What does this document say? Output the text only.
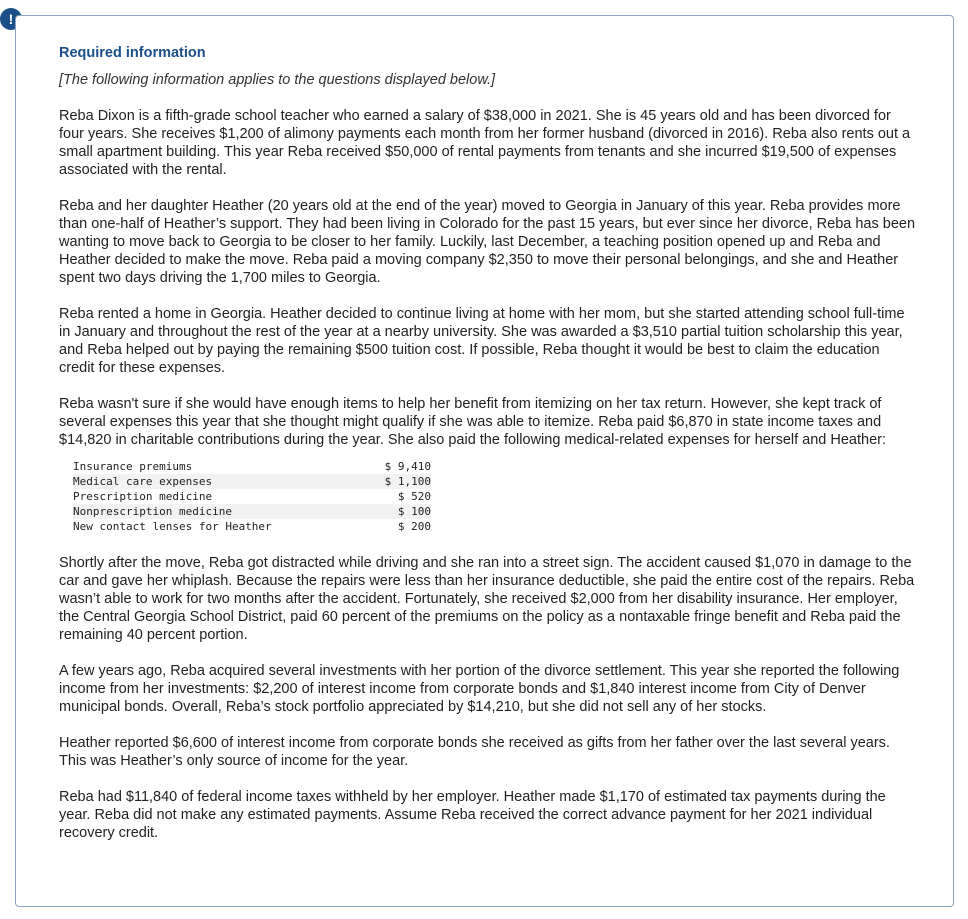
!
Required information

[The following information applies to the questions displayed below.]

Reba Dixon is a fifth-grade school teacher who earned a salary of $38,000 in 2021. She is 45 years old and has been divorced for four years. She receives $1,200 of alimony payments each month from her former husband (divorced in 2016). Reba also rents out a small apartment building. This year Reba received $50,000 of rental payments from tenants and she incurred $19,500 of expenses associated with the rental.

Reba and her daughter Heather (20 years old at the end of the year) moved to Georgia in January of this year. Reba provides more than one-half of Heather’s support. They had been living in Colorado for the past 15 years, but ever since her divorce, Reba has been wanting to move back to Georgia to be closer to her family. Luckily, last December, a teaching position opened up and Reba and Heather decided to make the move. Reba paid a moving company $2,350 to move their personal belongings, and she and Heather spent two days driving the 1,700 miles to Georgia.

Reba rented a home in Georgia. Heather decided to continue living at home with her mom, but she started attending school full-time in January and throughout the rest of the year at a nearby university. She was awarded a $3,510 partial tuition scholarship this year, and Reba helped out by paying the remaining $500 tuition cost. If possible, Reba thought it would be best to claim the education credit for these expenses.

Reba wasn't sure if she would have enough items to help her benefit from itemizing on her tax return. However, she kept track of several expenses this year that she thought might qualify if she was able to itemize. Reba paid $6,870 in state income taxes and $14,820 in charitable contributions during the year. She also paid the following medical-related expenses for herself and Heather:

Insurance premiums	$ 9,410
Medical care expenses	$ 1,100
Prescription medicine	$ 520
Nonprescription medicine	$ 100
New contact lenses for Heather	$ 200

Shortly after the move, Reba got distracted while driving and she ran into a street sign. The accident caused $1,070 in damage to the car and gave her whiplash. Because the repairs were less than her insurance deductible, she paid the entire cost of the repairs. Reba wasn’t able to work for two months after the accident. Fortunately, she received $2,000 from her disability insurance. Her employer, the Central Georgia School District, paid 60 percent of the premiums on the policy as a nontaxable fringe benefit and Reba paid the remaining 40 percent portion.

A few years ago, Reba acquired several investments with her portion of the divorce settlement. This year she reported the following income from her investments: $2,200 of interest income from corporate bonds and $1,840 interest income from City of Denver municipal bonds. Overall, Reba’s stock portfolio appreciated by $14,210, but she did not sell any of her stocks.

Heather reported $6,600 of interest income from corporate bonds she received as gifts from her father over the last several years. This was Heather’s only source of income for the year.

Reba had $11,840 of federal income taxes withheld by her employer. Heather made $1,170 of estimated tax payments during the year. Reba did not make any estimated payments. Assume Reba received the correct advance payment for her 2021 individual recovery credit.
